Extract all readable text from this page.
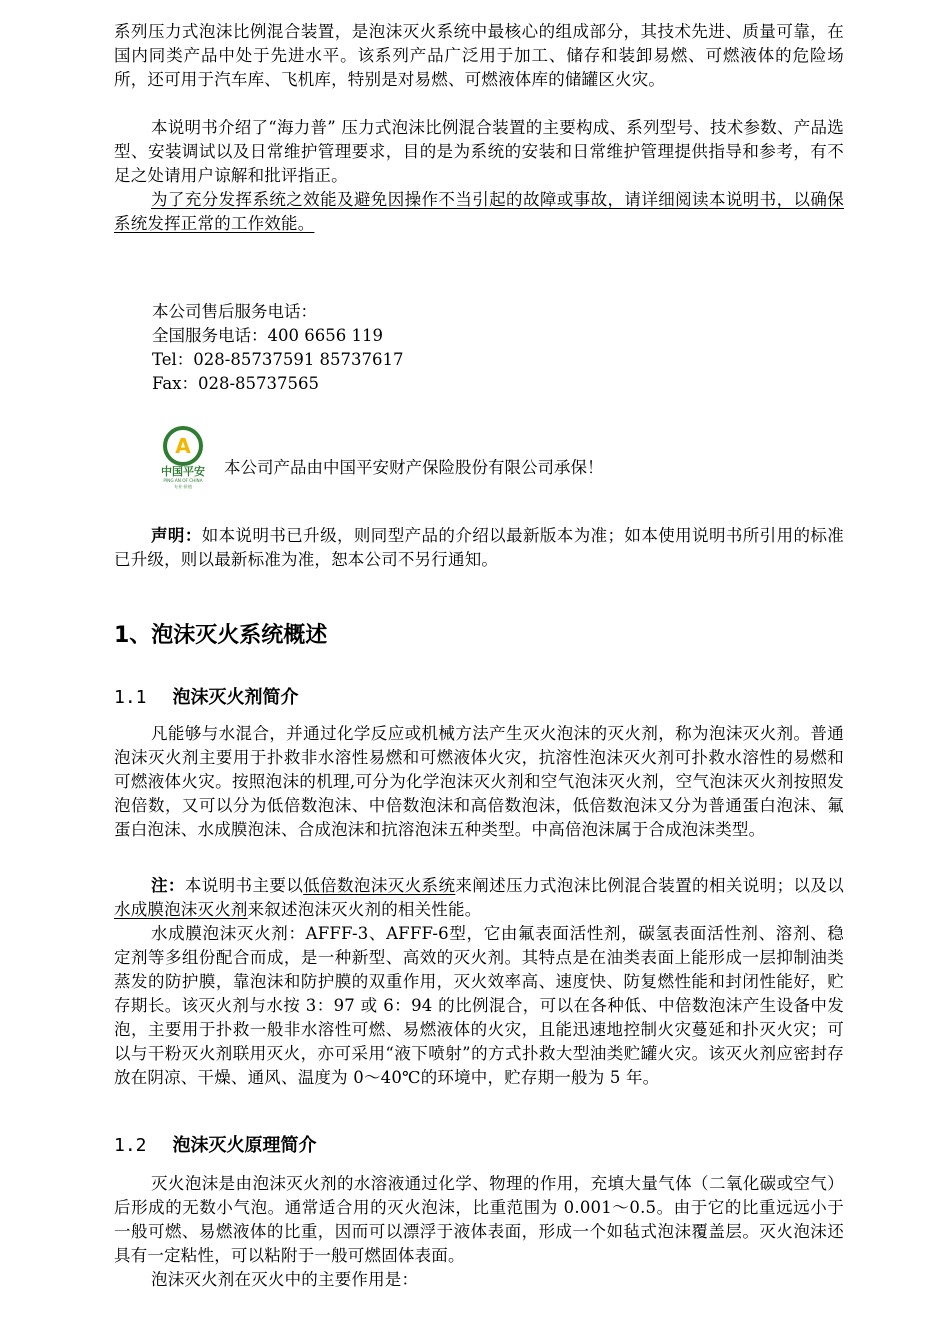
系列压力式泡沫比例混合装置，是泡沫灭火系统中最核心的组成部分，其技术先进、质量可靠，在国内同类产品中处于先进水平。该系列产品广泛用于加工、储存和装卸易燃、可燃液体的危险场所，还可用于汽车库、飞机库，特别是对易燃、可燃液体库的储罐区火灾。

本说明书介绍了“海力普” 压力式泡沫比例混合装置的主要构成、系列型号、技术参数、产品选型、安装调试以及日常维护管理要求，目的是为系统的安装和日常维护管理提供指导和参考，有不足之处请用户谅解和批评指正。

为了充分发挥系统之效能及避免因操作不当引起的故障或事故，请详细阅读本说明书，以确保系统发挥正常的工作效能。

本公司售后服务电话：
全国服务电话：400 6656 119
Tel：028-85737591 85737617
Fax：028-85737565
A
中国平安
PING AN OF CHINA
专业·价值
本公司产品由中国平安财产保险股份有限公司承保！

声明：如本说明书已升级，则同型产品的介绍以最新版本为准；如本使用说明书所引用的标准已升级，则以最新标准为准，恕本公司不另行通知。

1、泡沫灭火系统概述
1.1 泡沫灭火剂简介

凡能够与水混合，并通过化学反应或机械方法产生灭火泡沫的灭火剂，称为泡沫灭火剂。普通泡沫灭火剂主要用于扑救非水溶性易燃和可燃液体火灾，抗溶性泡沫灭火剂可扑救水溶性的易燃和可燃液体火灾。按照泡沫的机理,可分为化学泡沫灭火剂和空气泡沫灭火剂，空气泡沫灭火剂按照发泡倍数，又可以分为低倍数泡沫、中倍数泡沫和高倍数泡沫，低倍数泡沫又分为普通蛋白泡沫、氟蛋白泡沫、水成膜泡沫、合成泡沫和抗溶泡沫五种类型。中高倍泡沫属于合成泡沫类型。

注：本说明书主要以低倍数泡沫灭火系统来阐述压力式泡沫比例混合装置的相关说明；以及以水成膜泡沫灭火剂来叙述泡沫灭火剂的相关性能。

水成膜泡沫灭火剂：AFFF-3、AFFF-6型，它由氟表面活性剂，碳氢表面活性剂、溶剂、稳定剂等多组份配合而成，是一种新型、高效的灭火剂。其特点是在油类表面上能形成一层抑制油类蒸发的防护膜，靠泡沫和防护膜的双重作用，灭火效率高、速度快、防复燃性能和封闭性能好，贮存期长。该灭火剂与水按 3：97 或 6：94 的比例混合，可以在各种低、中倍数泡沫产生设备中发泡，主要用于扑救一般非水溶性可燃、易燃液体的火灾，且能迅速地控制火灾蔓延和扑灭火灾；可以与干粉灭火剂联用灭火，亦可采用“液下喷射”的方式扑救大型油类贮罐火灾。该灭火剂应密封存放在阴凉、干燥、通风、温度为 0～40℃的环境中，贮存期一般为 5 年。

1.2 泡沫灭火原理简介

灭火泡沫是由泡沫灭火剂的水溶液通过化学、物理的作用，充填大量气体（二氧化碳或空气）后形成的无数小气泡。通常适合用的灭火泡沫，比重范围为 0.001～0.5。由于它的比重远远小于一般可燃、易燃液体的比重，因而可以漂浮于液体表面，形成一个如毡式泡沫覆盖层。灭火泡沫还具有一定粘性，可以粘附于一般可燃固体表面。

泡沫灭火剂在灭火中的主要作用是：
